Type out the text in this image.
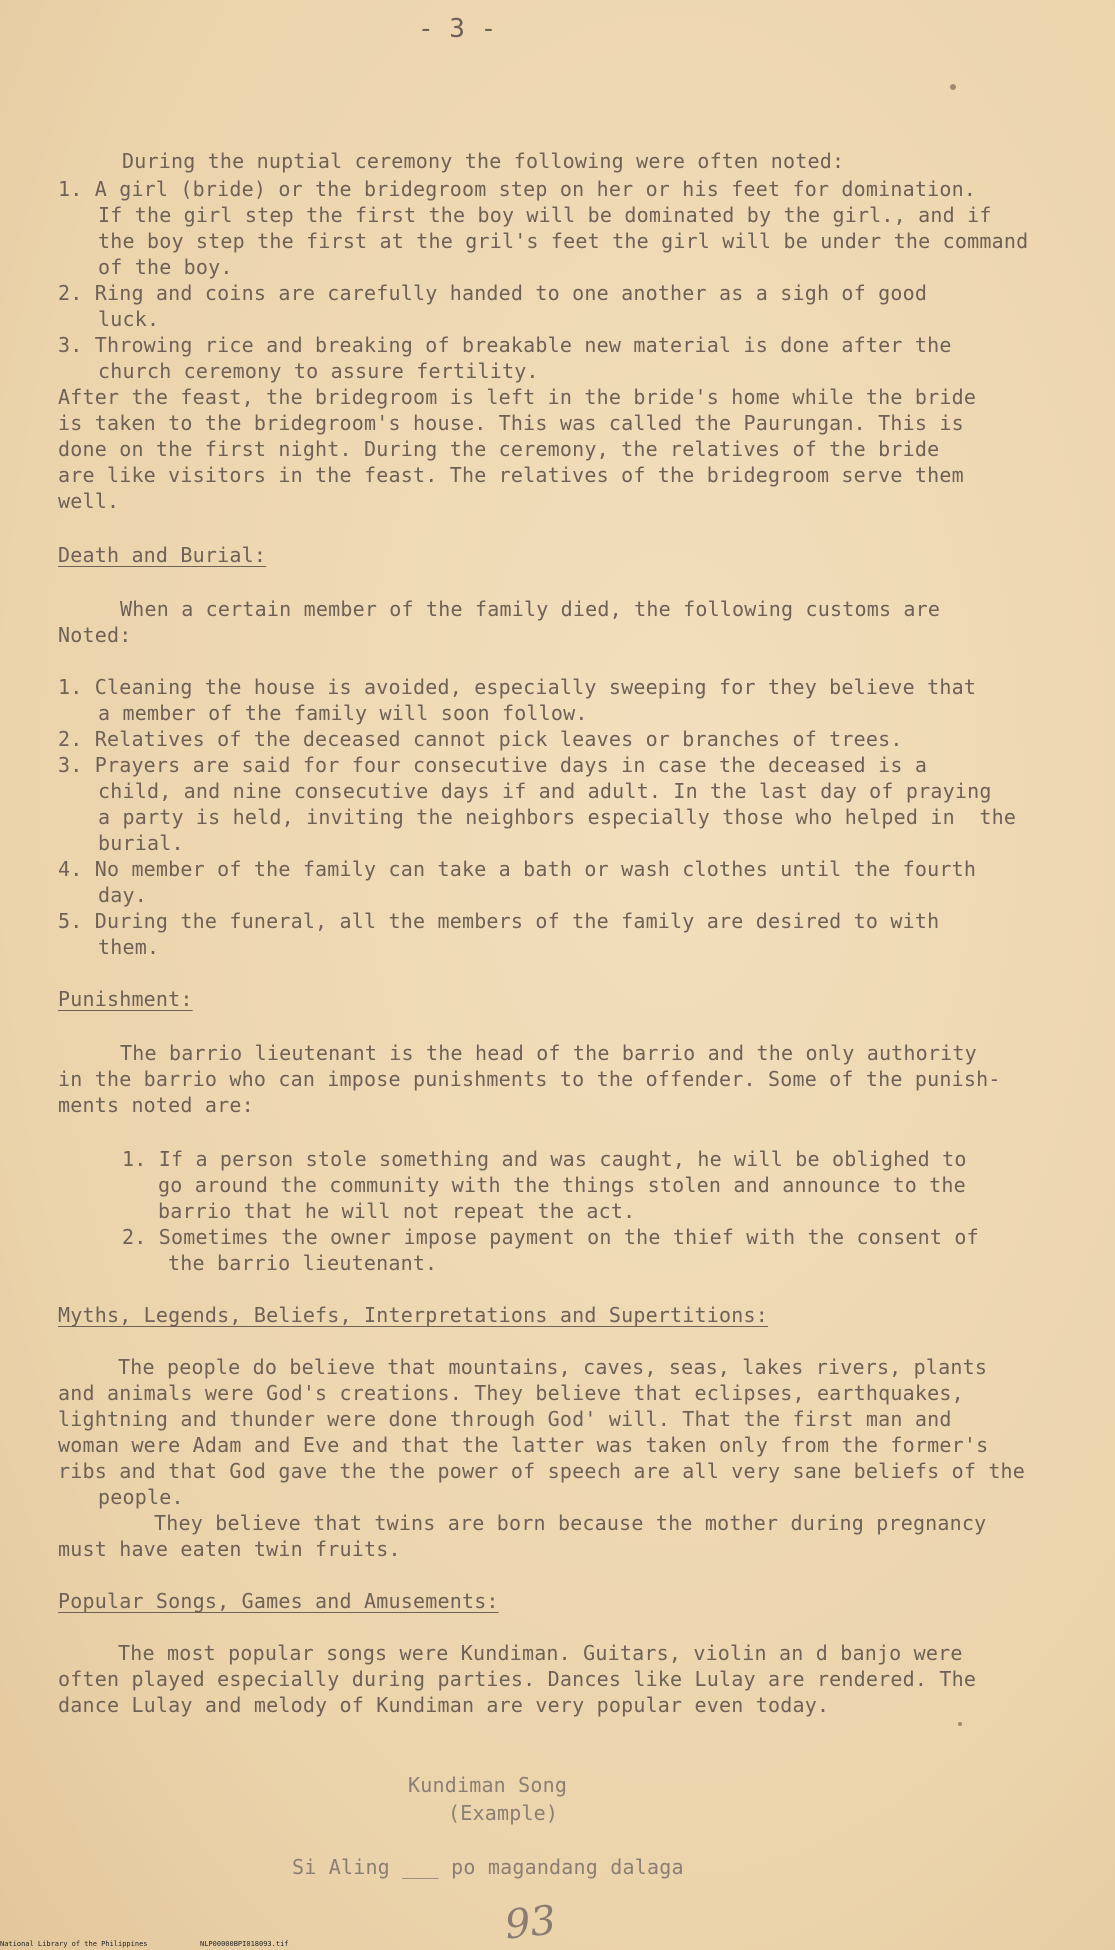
- 3 -
During the nuptial ceremony the following were often noted:
1. A girl (bride) or the bridegroom step on her or his feet for domination.
If the girl step the first the boy will be dominated by the girl., and if
the boy step the first at the gril's feet the girl will be under the command
of the boy.
2. Ring and coins are carefully handed to one another as a sigh of good
luck.
3. Throwing rice and breaking of breakable new material is done after the
church ceremony to assure fertility.
After the feast, the bridegroom is left in the bride's home while the bride
is taken to the bridegroom's house. This was called the Paurungan. This is
done on the first night. During the ceremony, the relatives of the bride
are like visitors in the feast. The relatives of the bridegroom serve them
well.
Death and Burial:
When a certain member of the family died, the following customs are
Noted:
1. Cleaning the house is avoided, especially sweeping for they believe that
a member of the family will soon follow.
2. Relatives of the deceased cannot pick leaves or branches of trees.
3. Prayers are said for four consecutive days in case the deceased is a
child, and nine consecutive days if and adult. In the last day of praying
a party is held, inviting the neighbors especially those who helped in  the
burial.
4. No member of the family can take a bath or wash clothes until the fourth
day.
5. During the funeral, all the members of the family are desired to with
them.
Punishment:
The barrio lieutenant is the head of the barrio and the only authority
in the barrio who can impose punishments to the offender. Some of the punish-
ments noted are:
1. If a person stole something and was caught, he will be oblighed to
go around the community with the things stolen and announce to the
barrio that he will not repeat the act.
2. Sometimes the owner impose payment on the thief with the consent of
the barrio lieutenant.
Myths, Legends, Beliefs, Interpretations and Supertitions:
The people do believe that mountains, caves, seas, lakes rivers, plants
and animals were God's creations. They believe that eclipses, earthquakes,
lightning and thunder were done through God' will. That the first man and
woman were Adam and Eve and that the latter was taken only from the former's
ribs and that God gave the the power of speech are all very sane beliefs of the
people.
They believe that twins are born because the mother during pregnancy
must have eaten twin fruits.
Popular Songs, Games and Amusements:
The most popular songs were Kundiman. Guitars, violin an d banjo were
often played especially during parties. Dances like Lulay are rendered. The
dance Lulay and melody of Kundiman are very popular even today.
Kundiman Song
(Example)
Si Aling ___ po magandang dalaga
93
National Library of the Philippines	NLP00000BPI018093.tif
